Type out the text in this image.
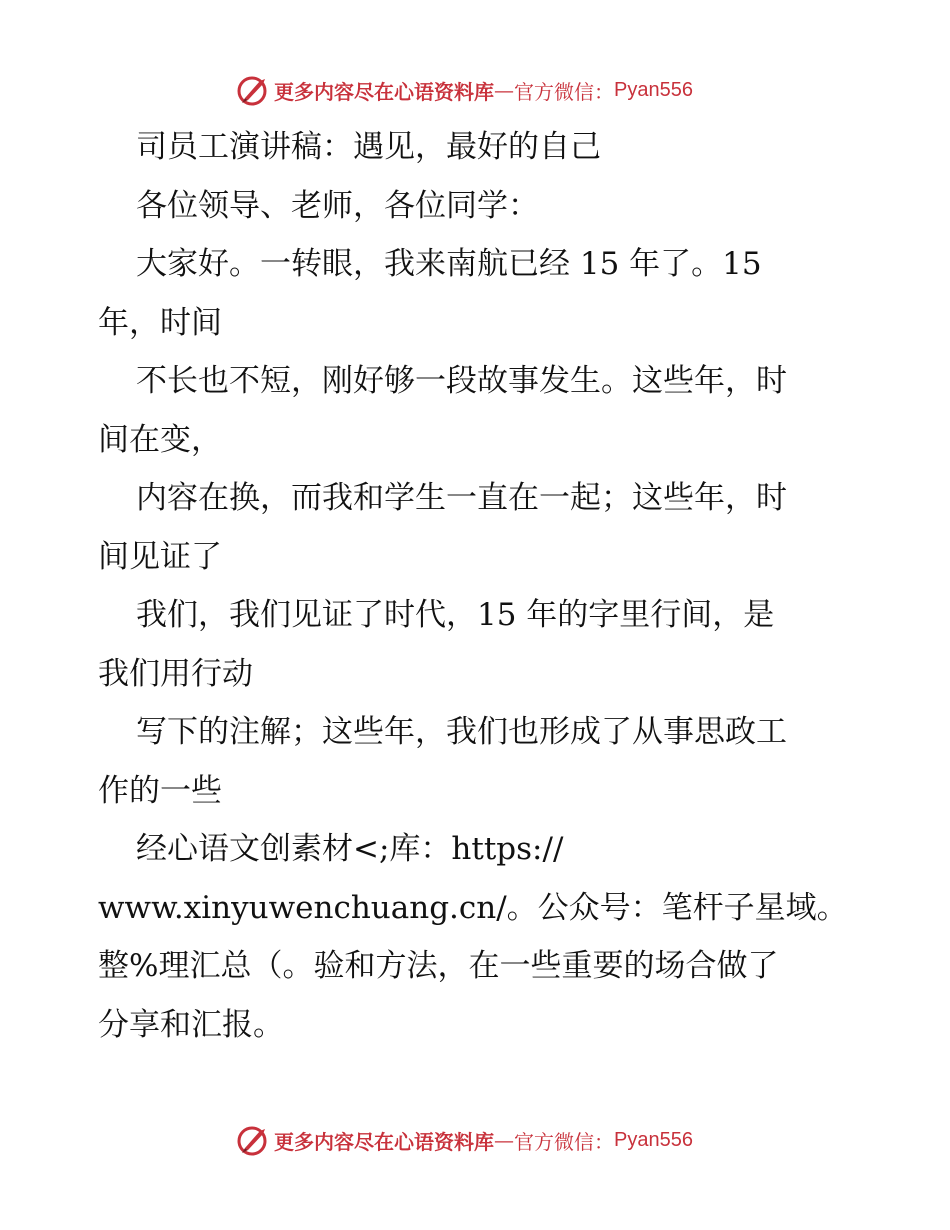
更多内容尽在心语资料库 — 官方微信： Pyan556
司员工演讲稿：遇见，最好的自己
各位领导、老师，各位同学：
大家好。一转眼，我来南航已经 15 年了。15
年，时间
不长也不短，刚好够一段故事发生。这些年，时
间在变，
内容在换，而我和学生一直在一起；这些年，时
间见证了
我们，我们见证了时代，15 年的字里行间，是
我们用行动
写下的注解；这些年，我们也形成了从事思政工
作的一些
经心语文创素材<;库：https://
www.xinyuwenchuang.cn/。公众号：笔杆子星域。
整%理汇总（。验和方法，在一些重要的场合做了
分享和汇报。
更多内容尽在心语资料库 — 官方微信： Pyan556
